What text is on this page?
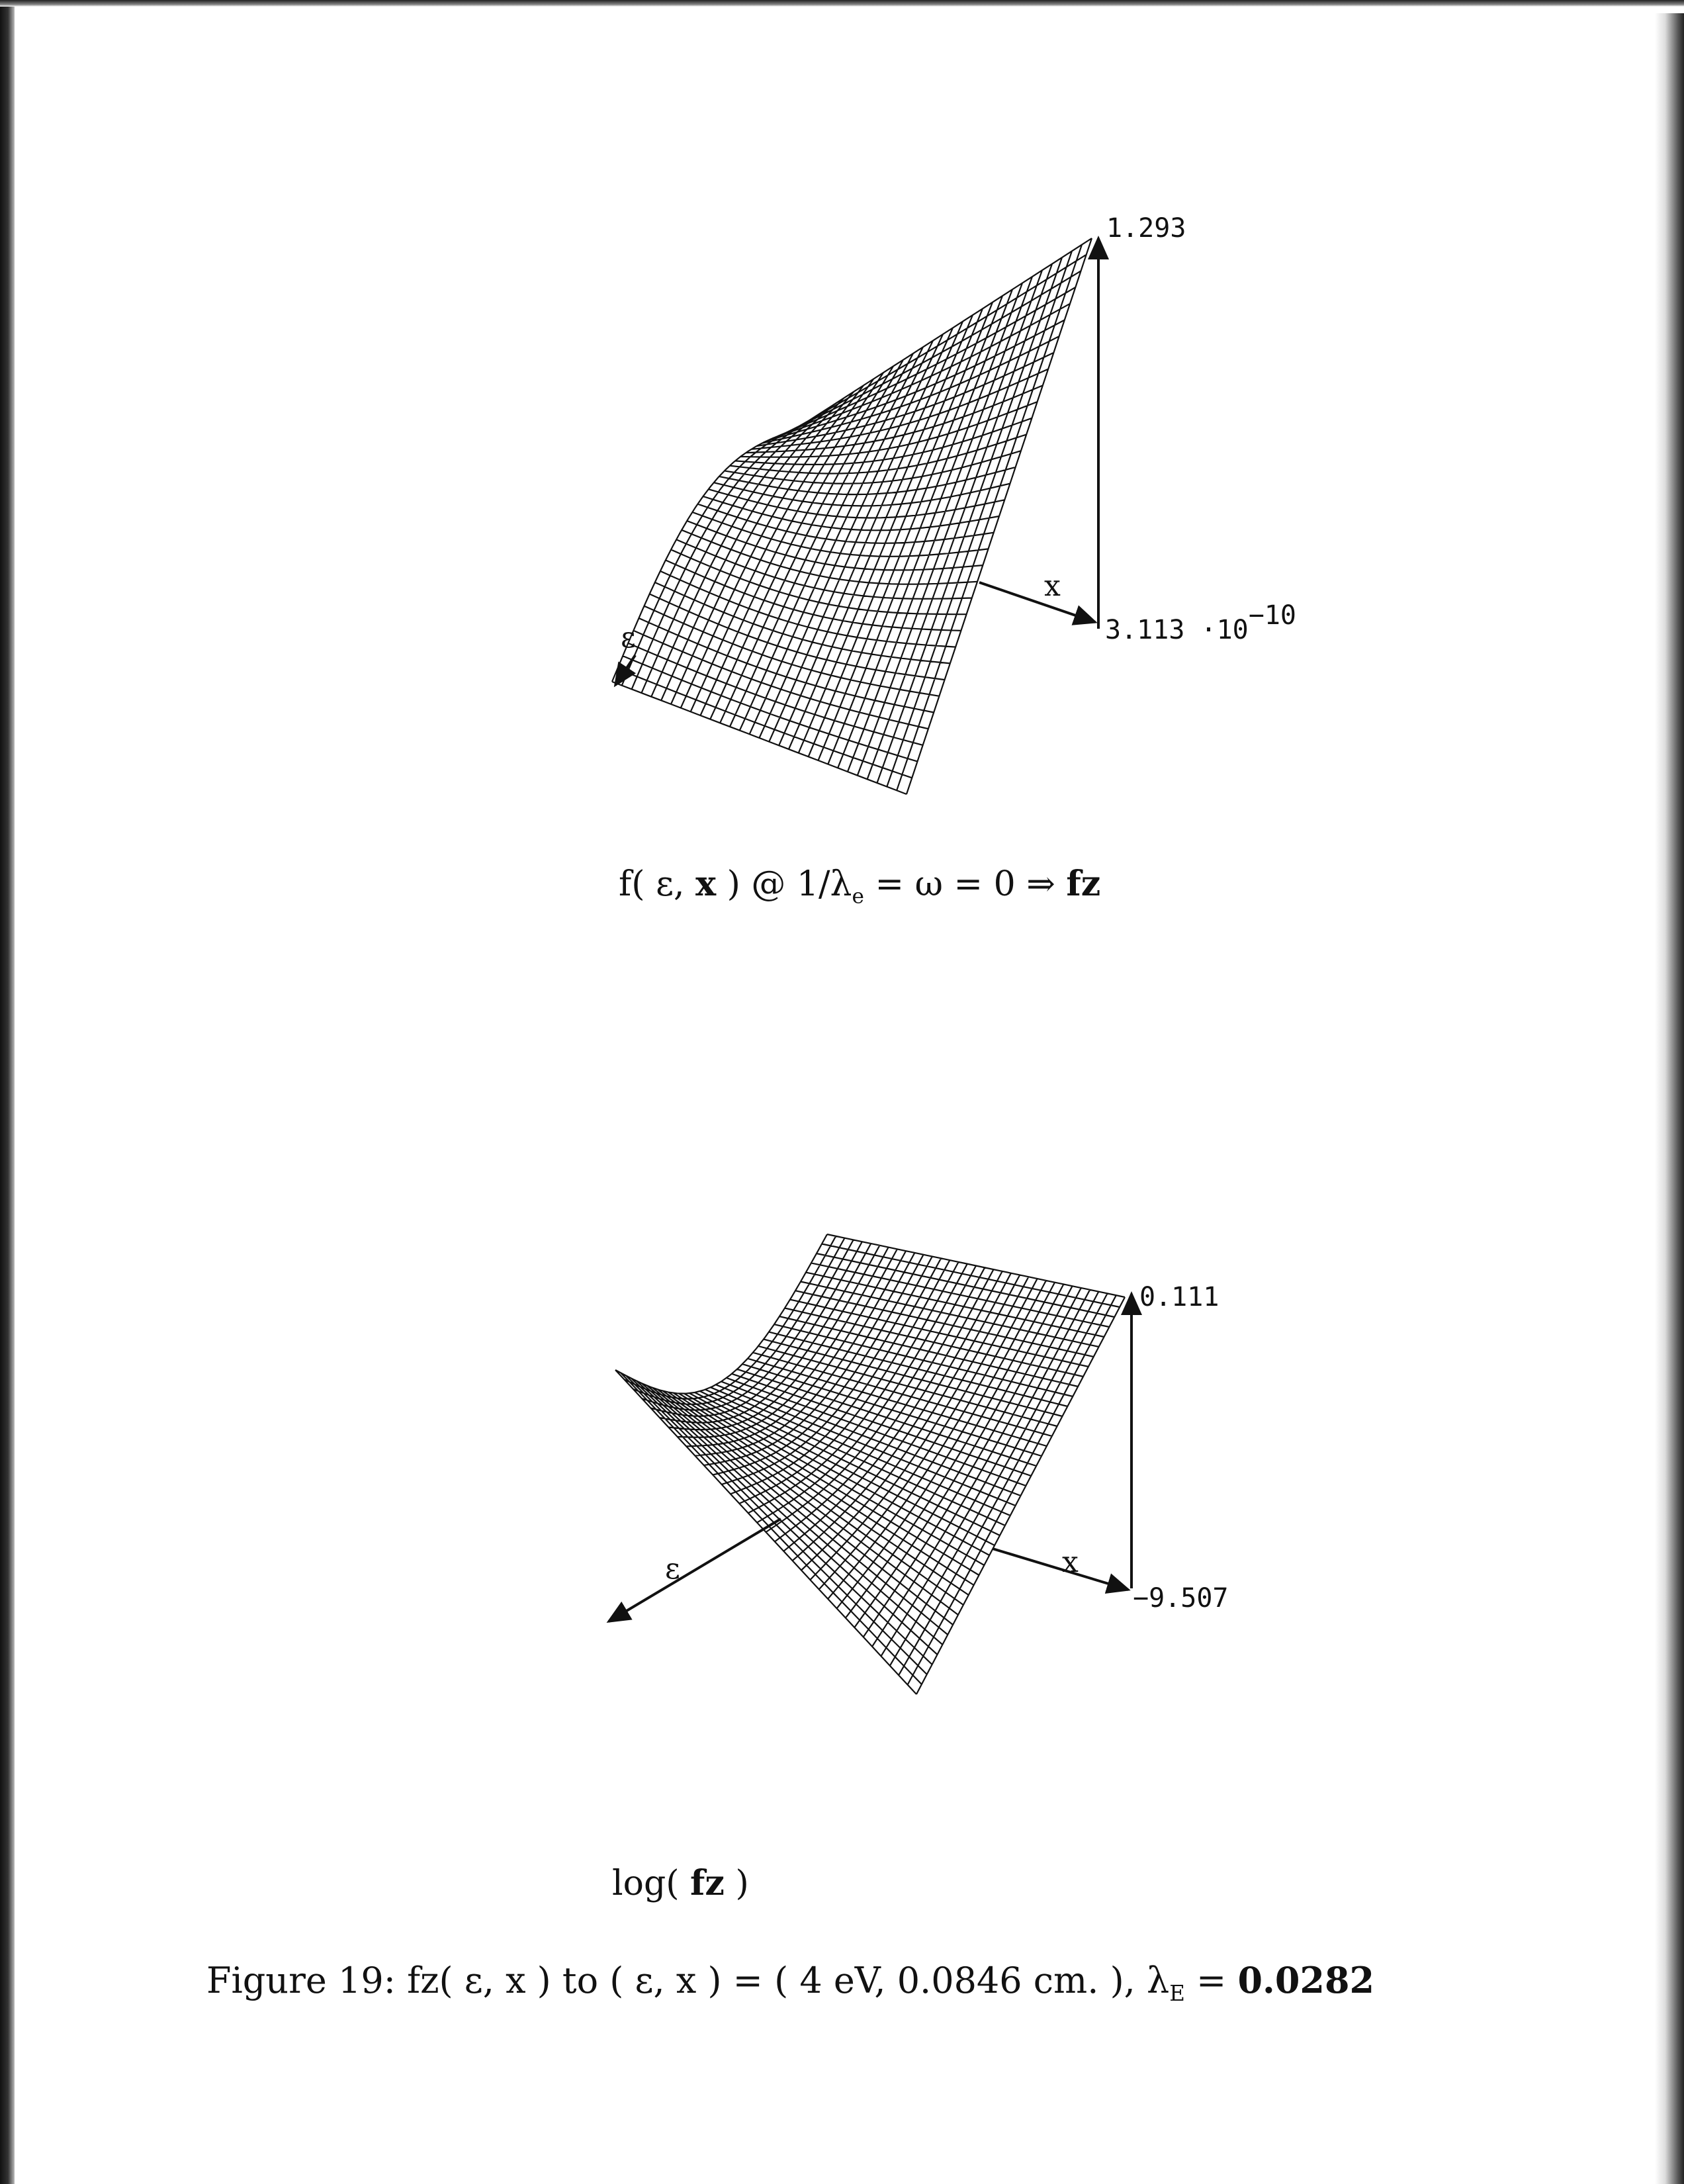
1.293
3.113 ·10−10
x
ε
0.111
−9.507
x
ε
f( ε, x ) @ $1/\lambda_e = \omega = 0$ ⇒ fz
log( fz )
Figure 19: fz( ε, x ) to ( ε, x ) = ( 4 eV, 0.0846 cm. ), $\lambda_E = 0.0282$
